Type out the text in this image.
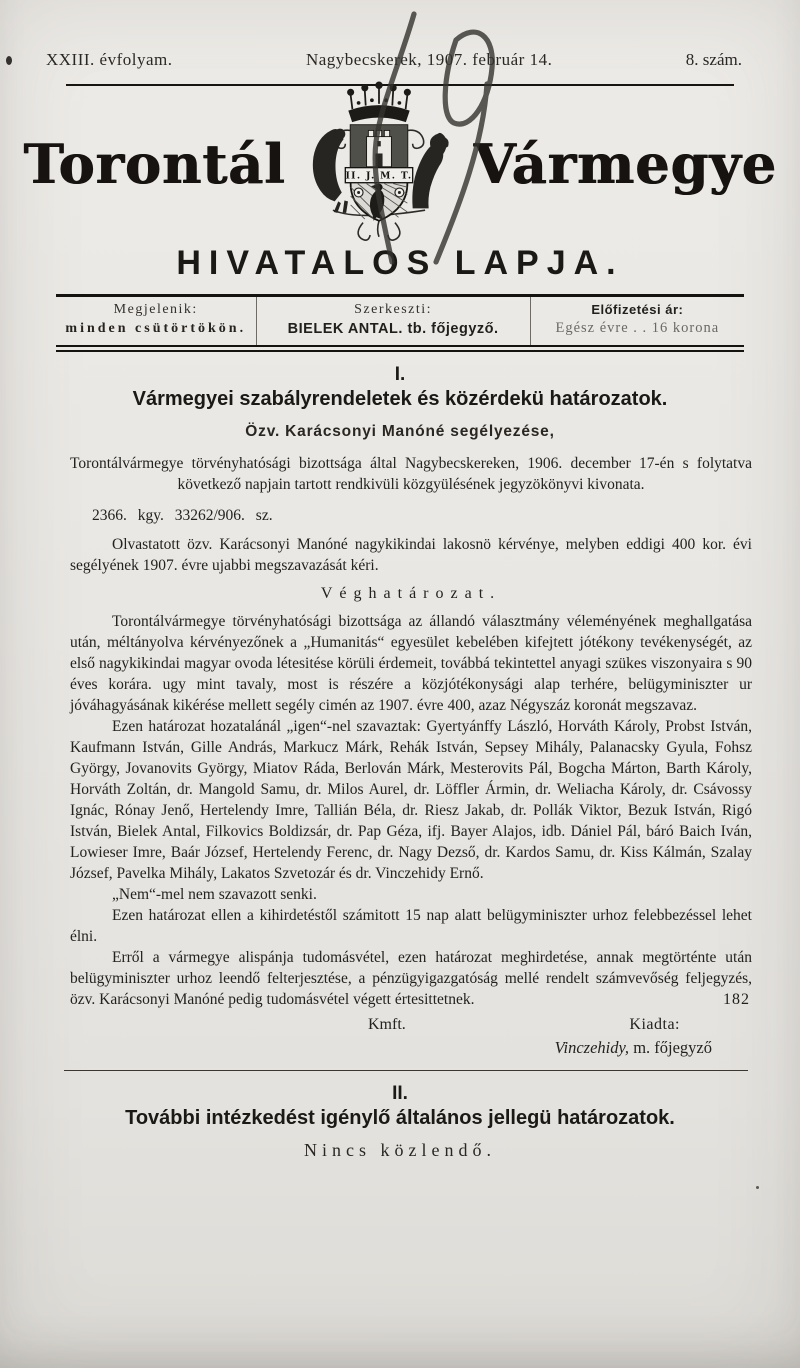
XXIII. évfolyam.	Nagybecskerek, 1907. február 14.	8. szám.
Torontál	II. J. M. T. Vármegye
HIVATALOS LAPJA.
Megjelenik:
minden csütörtökön.
Szerkeszti:
BIELEK ANTAL. tb. főjegyző.
Előfizetési ár:
Egész évre . . 16 korona
I.
Vármegyei szabályrendeletek és közérdekü határozatok.
Özv. Karácsonyi Manóné segélyezése,

Torontálvármegye törvényhatósági bizottsága által Nagybecskereken, 1906. december 17-én s folytatva következő napjain tartott rendkivüli közgyülésének jegyzökönyvi kivonata.

2366. kgy. 33262/906. sz.

Olvastatott özv. Karácsonyi Manóné nagykikindai lakosnö kérvénye, melyben eddigi 400 kor. évi segélyének 1907. évre ujabbi megszavazását kéri.

Véghatározat.

Torontálvármegye törvényhatósági bizottsága az állandó választmány véleményének meghallgatása után, méltányolva kérvényezőnek a „Humanitás“ egyesület kebelében kifejtett jótékony tevékenységét, az első nagykikindai magyar ovoda létesitése körüli érdemeit, továbbá tekintettel anyagi szükes viszonyaira s 90 éves korára. ugy mint tavaly, most is részére a közjótékonysági alap terhére, belügyminiszter ur jóváhagyásának kikérése mellett segély cimén az 1907. évre 400, azaz Négyszáz koronát megszavaz.

Ezen határozat hozatalánál „igen“-nel szavaztak: Gyertyánffy László, Horváth Károly, Probst István, Kaufmann István, Gille András, Markucz Márk, Rehák István, Sepsey Mihály, Palanacsky Gyula, Fohsz György, Jovanovits György, Miatov Ráda, Berlován Márk, Mesterovits Pál, Bogcha Márton, Barth Károly, Horváth Zoltán, dr. Mangold Samu, dr. Milos Aurel, dr. Löffler Ármin, dr. Weliacha Károly, dr. Csávossy Ignác, Rónay Jenő, Hertelendy Imre, Tallián Béla, dr. Riesz Jakab, dr. Pollák Viktor, Bezuk István, Rigó István, Bielek Antal, Filkovics Boldizsár, dr. Pap Géza, ifj. Bayer Alajos, idb. Dániel Pál, báró Baich Iván, Lowieser Imre, Baár József, Hertelendy Ferenc, dr. Nagy Dezső, dr. Kardos Samu, dr. Kiss Kálmán, Szalay József, Pavelka Mihály, Lakatos Szvetozár és dr. Vinczehidy Ernő.

„Nem“-mel nem szavazott senki.

Ezen határozat ellen a kihirdetéstől számitott 15 nap alatt belügyminiszter urhoz felebbezéssel lehet élni.

Erről a vármegye alispánja tudomásvétel, ezen határozat meghirdetése, annak megtörténte után belügyminiszter urhoz leendő felterjesztése, a pénzügyigazgatóság mellé rendelt számvevőség feljegyzés, özv. Karácsonyi Manóné pedig tudomásvétel végett értesittetnek.	182
Kmft.	Kiadta:
Vinczehidy, m. főjegyző
II.
További intézkedést igénylő általános jellegü határozatok.
Nincs közlendő.
